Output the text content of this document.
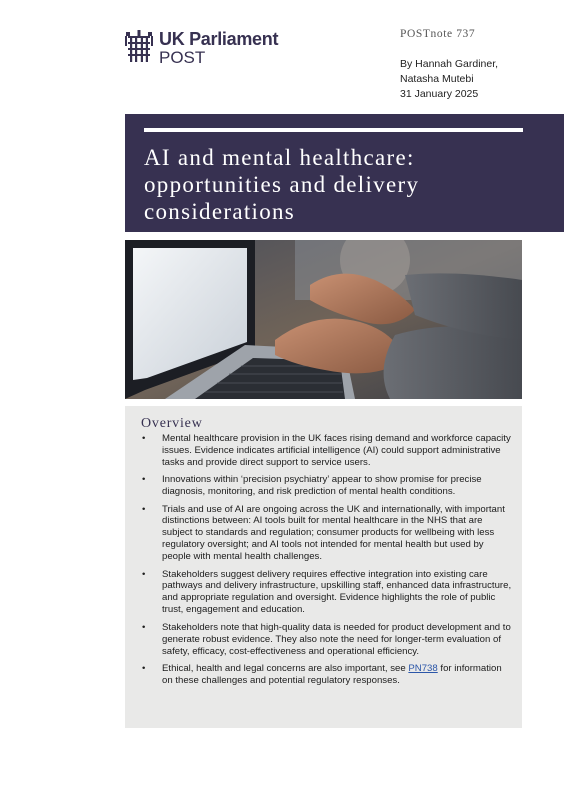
UK Parliament
POST
POSTnote 737
By Hannah Gardiner,
Natasha Mutebi
31 January 2025
AI and mental healthcare:
opportunities and delivery
considerations
Overview
• Mental healthcare provision in the UK faces rising demand and workforce capacity issues. Evidence indicates artificial intelligence (AI) could support administrative tasks and provide direct support to service users.
• Innovations within ‘precision psychiatry’ appear to show promise for precise diagnosis, monitoring, and risk prediction of mental health conditions.
• Trials and use of AI are ongoing across the UK and internationally, with important distinctions between: AI tools built for mental healthcare in the NHS that are subject to standards and regulation; consumer products for wellbeing with less regulatory oversight; and AI tools not intended for mental health but used by people with mental health challenges.
• Stakeholders suggest delivery requires effective integration into existing care pathways and delivery infrastructure, upskilling staff, enhanced data infrastructure, and appropriate regulation and oversight. Evidence highlights the role of public trust, engagement and education.
• Stakeholders note that high-quality data is needed for product development and to generate robust evidence. They also note the need for longer-term evaluation of safety, efficacy, cost-effectiveness and operational efficiency.
• Ethical, health and legal concerns are also important, see PN738 for information on these challenges and potential regulatory responses.
